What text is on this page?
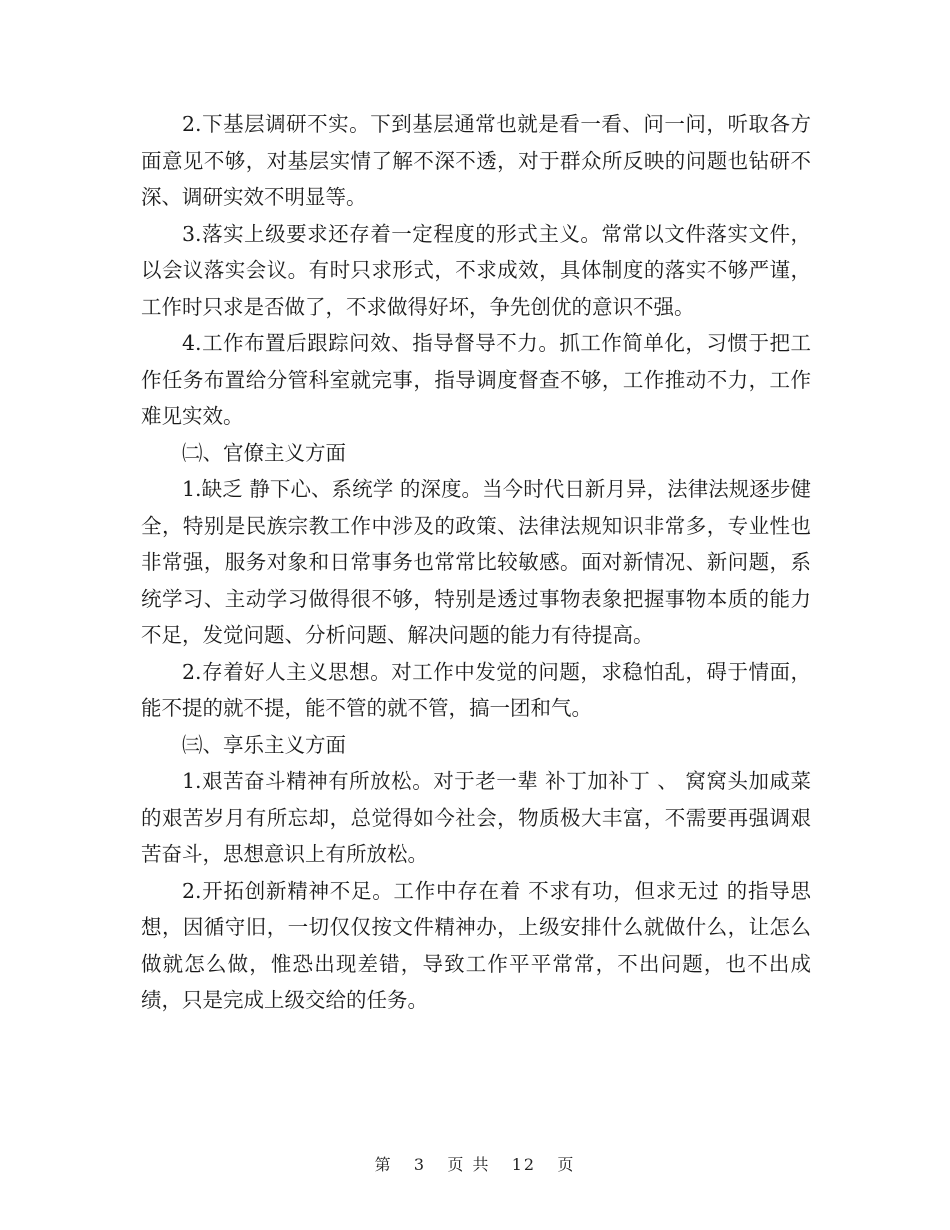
2.下基层调研不实。下到基层通常也就是看一看、问一问，听取各方面意见不够，对基层实情了解不深不透，对于群众所反映的问题也钻研不深、调研实效不明显等。

3.落实上级要求还存着一定程度的形式主义。常常以文件落实文件，以会议落实会议。有时只求形式，不求成效，具体制度的落实不够严谨，工作时只求是否做了，不求做得好坏，争先创优的意识不强。

4.工作布置后跟踪问效、指导督导不力。抓工作简单化，习惯于把工作任务布置给分管科室就完事，指导调度督查不够，工作推动不力，工作难见实效。

㈡、官僚主义方面

1.缺乏 静下心、系统学 的深度。当今时代日新月异，法律法规逐步健全，特别是民族宗教工作中涉及的政策、法律法规知识非常多，专业性也非常强，服务对象和日常事务也常常比较敏感。面对新情况、新问题，系统学习、主动学习做得很不够，特别是透过事物表象把握事物本质的能力不足，发觉问题、分析问题、解决问题的能力有待提高。

2.存着好人主义思想。对工作中发觉的问题，求稳怕乱，碍于情面，能不提的就不提，能不管的就不管，搞一团和气。

㈢、享乐主义方面

1.艰苦奋斗精神有所放松。对于老一辈 补丁加补丁 、 窝窝头加咸菜 的艰苦岁月有所忘却，总觉得如今社会，物质极大丰富，不需要再强调艰苦奋斗，思想意识上有所放松。

2.开拓创新精神不足。工作中存在着 不求有功，但求无过 的指导思想，因循守旧，一切仅仅按文件精神办，上级安排什么就做什么，让怎么做就怎么做，惟恐出现差错，导致工作平平常常，不出问题，也不出成绩，只是完成上级交给的任务。

第 3 页 共 12 页
